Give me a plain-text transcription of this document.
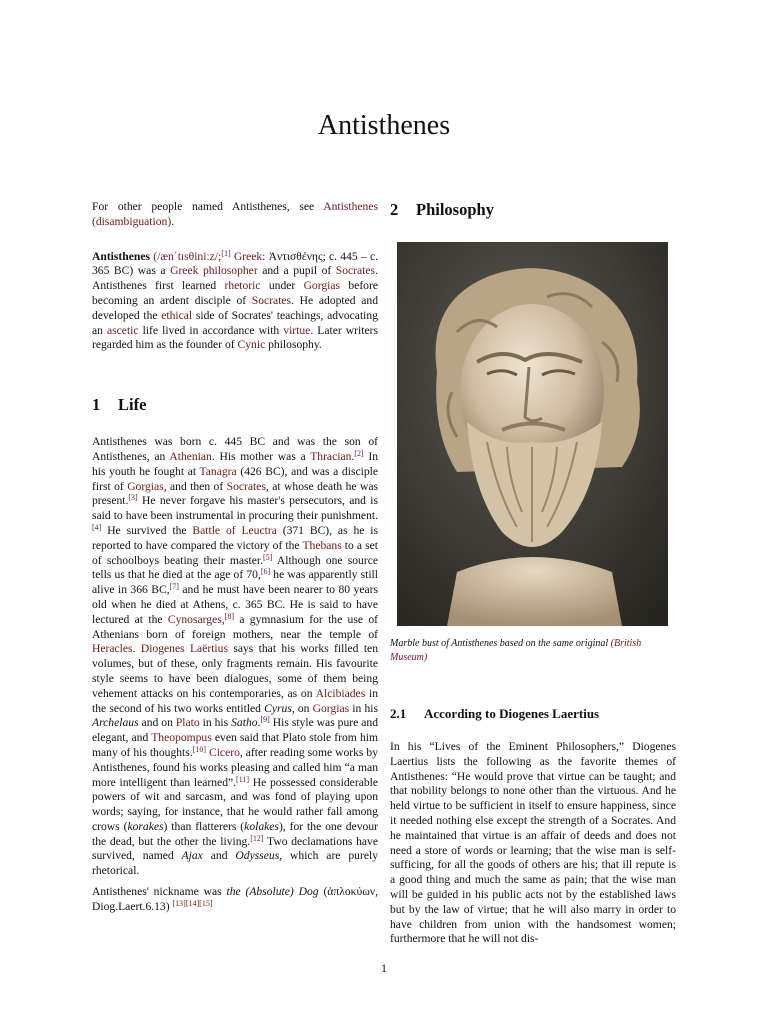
Antisthenes

For other people named Antisthenes, see Antisthenes (disambiguation).

Antisthenes (/ænˈtɪsθiniːz/;[1] Greek: Ἀντισθένης; c. 445 – c. 365 BC) was a Greek philosopher and a pupil of Socrates. Antisthenes first learned rhetoric under Gorgias before becoming an ardent disciple of Socrates. He adopted and developed the ethical side of Socrates' teachings, advocating an ascetic life lived in accordance with virtue. Later writers regarded him as the founder of Cynic philosophy.

1 Life

Antisthenes was born c. 445 BC and was the son of Antisthenes, an Athenian. His mother was a Thracian.[2] In his youth he fought at Tanagra (426 BC), and was a disciple first of Gorgias, and then of Socrates, at whose death he was present.[3] He never forgave his master's persecutors, and is said to have been instrumental in procuring their punishment.[4] He survived the Battle of Leuctra (371 BC), as he is reported to have compared the victory of the Thebans to a set of schoolboys beating their master.[5] Although one source tells us that he died at the age of 70,[6] he was apparently still alive in 366 BC,[7] and he must have been nearer to 80 years old when he died at Athens, c. 365 BC. He is said to have lectured at the Cynosarges,[8] a gymnasium for the use of Athenians born of foreign mothers, near the temple of Heracles. Diogenes Laërtius says that his works filled ten volumes, but of these, only fragments remain. His favourite style seems to have been dialogues, some of them being vehement attacks on his contemporaries, as on Alcibiades in the second of his two works entitled Cyrus, on Gorgias in his Archelaus and on Plato in his Satho.[9] His style was pure and elegant, and Theopompus even said that Plato stole from him many of his thoughts.[10] Cicero, after reading some works by Antisthenes, found his works pleasing and called him “a man more intelligent than learned”.[11] He possessed considerable powers of wit and sarcasm, and was fond of playing upon words; saying, for instance, that he would rather fall among crows (korakes) than flatterers (kolakes), for the one devour the dead, but the other the living.[12] Two declamations have survived, named Ajax and Odysseus, which are purely rhetorical.

Antisthenes' nickname was the (Absolute) Dog (ἁπλοκύων, Diog.Laert.6.13) [13][14][15]

2 Philosophy
Marble bust of Antisthenes based on the same original (British Museum)
2.1 According to Diogenes Laertius

In his “Lives of the Eminent Philosophers,” Diogenes Laertius lists the following as the favorite themes of Antisthenes: “He would prove that virtue can be taught; and that nobility belongs to none other than the virtuous. And he held virtue to be sufficient in itself to ensure happiness, since it needed nothing else except the strength of a Socrates. And he maintained that virtue is an affair of deeds and does not need a store of words or learning; that the wise man is self-sufficing, for all the goods of others are his; that ill repute is a good thing and much the same as pain; that the wise man will be guided in his public acts not by the established laws but by the law of virtue; that he will also marry in order to have children from union with the handsomest women; furthermore that he will not dis-

1
